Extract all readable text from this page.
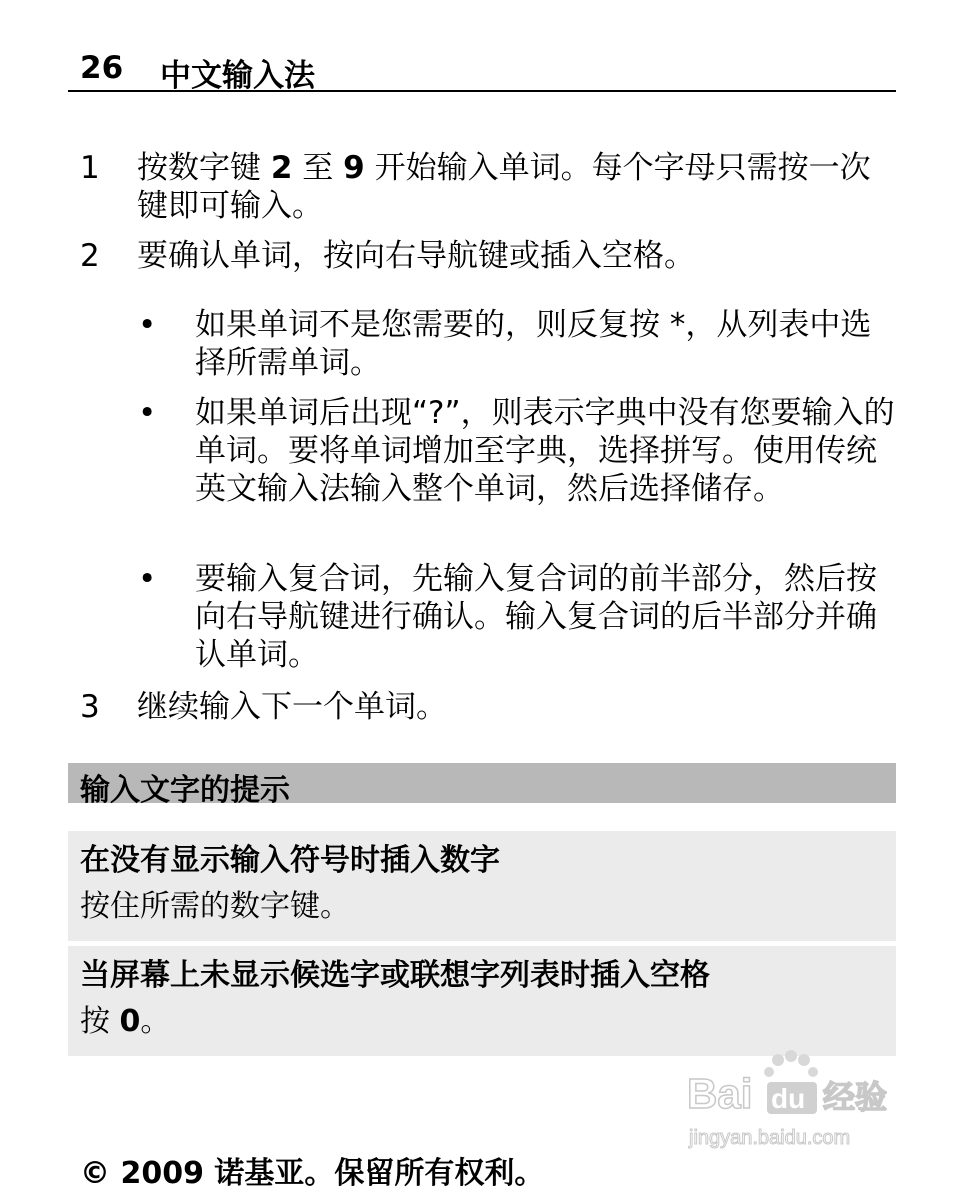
26 中文输入法
1	按数字键 2 至 9 开始输入单词。每个字母只需按一次键即可输入。
2	要确认单词，按向右导航键或插入空格。
• 如果单词不是您需要的，则反复按 *，从列表中选择所需单词。
• 如果单词后出现“?”，则表示字典中没有您要输入的单词。要将单词增加至字典，选择拼写。使用传统英文输入法输入整个单词，然后选择储存。
• 要输入复合词，先输入复合词的前半部分，然后按向右导航键进行确认。输入复合词的后半部分并确认单词。
3	继续输入下一个单词。
输入文字的提示
在没有显示输入符号时插入数字
按住所需的数字键。
当屏幕上未显示候选字或联想字列表时插入空格
按 0。
Bai du 经验
jingyan.baidu.com
© 2009 诺基亚。保留所有权利。
